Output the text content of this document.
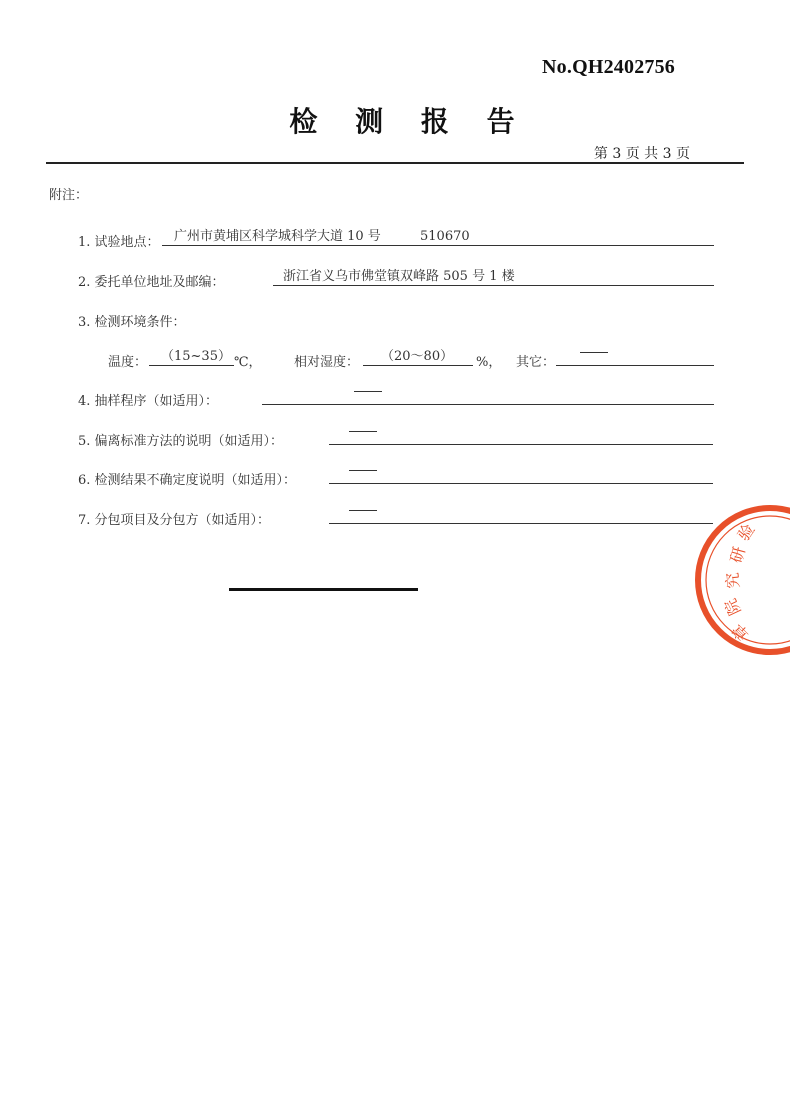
No.QH2402756
检 测 报 告
第 3 页 共 3 页
附注：
1. 试验地点： 广州市黄埔区科学城科学大道 10 号	510670
2. 委托单位地址及邮编：	浙江省义乌市佛堂镇双峰路 505 号 1 楼
3. 检测环境条件：
温度： （15~35） ℃， 相对湿度： （20～80） %， 其它：
4. 抽样程序（如适用）：
5. 偏离标准方法的说明（如适用）：
6. 检测结果不确定度说明（如适用）：
7. 分包项目及分包方（如适用）：	验
研
究
院
章
